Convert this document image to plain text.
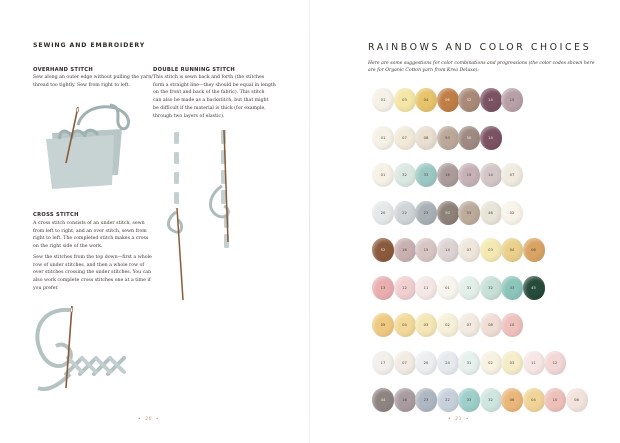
SEWING AND EMBROIDERY
OVERHAND STITCH
Sew along an outer edge without pulling the yarn/
thread too tightly. Sew from right to left.
DOUBLE RUNNING STITCH
This stitch is sewn back and forth (the stitches
form a straight line—they should be equal in length
on the front and back of the fabric). This stitch
can also be made as a backstitch, but that might
be difficult if the material is thick (for example,
through two layers of elastic).
CROSS STITCH
A cross stitch consists of an under stitch, sewn
from left to right, and an over stitch, sewn from
right to left. The completed stitch makes a cross
on the right side of the work.
Sew the stitches from the top down—first a whole
row of under stitches, and then a whole row of
over stitches crossing the under stitches. You can
also work complete cross stitches one at a time if
you prefer.
•  20  •
RAINBOWS AND COLOR CHOICES
Here are some suggestions for color combinations and progressions (the color codes shown here
are for Organic Cotton yarn from Krea Deluxe):
01	03	04	06	52	14	15
01	07	08	53	50	14
01	32	33	16	15	14	07
20	22	23	50	53	46	02
52	16	15	14	07	03	04	06
13	12	11	01	31	32	33	45
05	04	03	02	07	08	10
17	07	20	24	31	02	03	11	12
44	16	23	22	33	32	06	04	10	08
•  21  •
